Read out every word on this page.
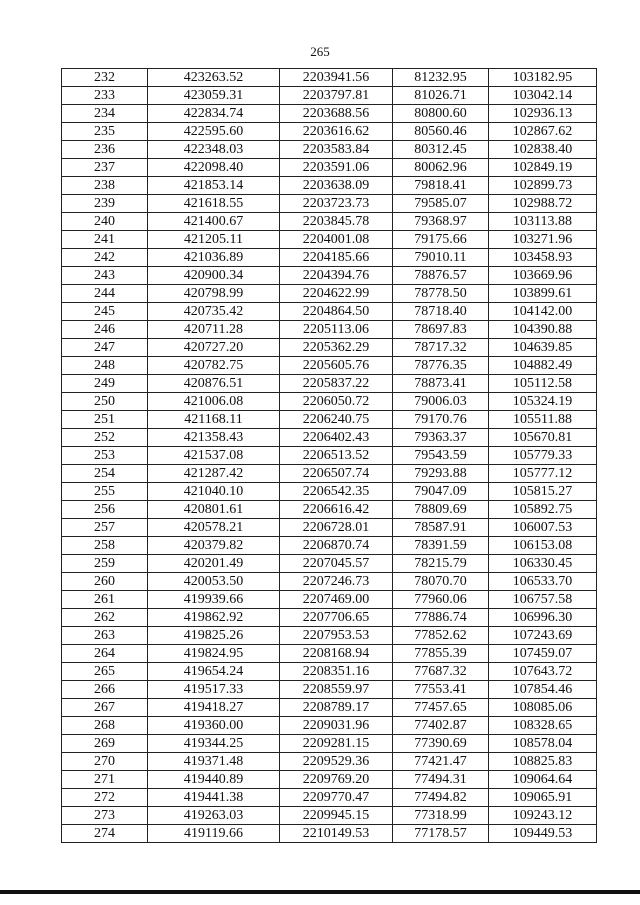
265
232	423263.52	2203941.56	81232.95	103182.95
233	423059.31	2203797.81	81026.71	103042.14
234	422834.74	2203688.56	80800.60	102936.13
235	422595.60	2203616.62	80560.46	102867.62
236	422348.03	2203583.84	80312.45	102838.40
237	422098.40	2203591.06	80062.96	102849.19
238	421853.14	2203638.09	79818.41	102899.73
239	421618.55	2203723.73	79585.07	102988.72
240	421400.67	2203845.78	79368.97	103113.88
241	421205.11	2204001.08	79175.66	103271.96
242	421036.89	2204185.66	79010.11	103458.93
243	420900.34	2204394.76	78876.57	103669.96
244	420798.99	2204622.99	78778.50	103899.61
245	420735.42	2204864.50	78718.40	104142.00
246	420711.28	2205113.06	78697.83	104390.88
247	420727.20	2205362.29	78717.32	104639.85
248	420782.75	2205605.76	78776.35	104882.49
249	420876.51	2205837.22	78873.41	105112.58
250	421006.08	2206050.72	79006.03	105324.19
251	421168.11	2206240.75	79170.76	105511.88
252	421358.43	2206402.43	79363.37	105670.81
253	421537.08	2206513.52	79543.59	105779.33
254	421287.42	2206507.74	79293.88	105777.12
255	421040.10	2206542.35	79047.09	105815.27
256	420801.61	2206616.42	78809.69	105892.75
257	420578.21	2206728.01	78587.91	106007.53
258	420379.82	2206870.74	78391.59	106153.08
259	420201.49	2207045.57	78215.79	106330.45
260	420053.50	2207246.73	78070.70	106533.70
261	419939.66	2207469.00	77960.06	106757.58
262	419862.92	2207706.65	77886.74	106996.30
263	419825.26	2207953.53	77852.62	107243.69
264	419824.95	2208168.94	77855.39	107459.07
265	419654.24	2208351.16	77687.32	107643.72
266	419517.33	2208559.97	77553.41	107854.46
267	419418.27	2208789.17	77457.65	108085.06
268	419360.00	2209031.96	77402.87	108328.65
269	419344.25	2209281.15	77390.69	108578.04
270	419371.48	2209529.36	77421.47	108825.83
271	419440.89	2209769.20	77494.31	109064.64
272	419441.38	2209770.47	77494.82	109065.91
273	419263.03	2209945.15	77318.99	109243.12
274	419119.66	2210149.53	77178.57	109449.53
